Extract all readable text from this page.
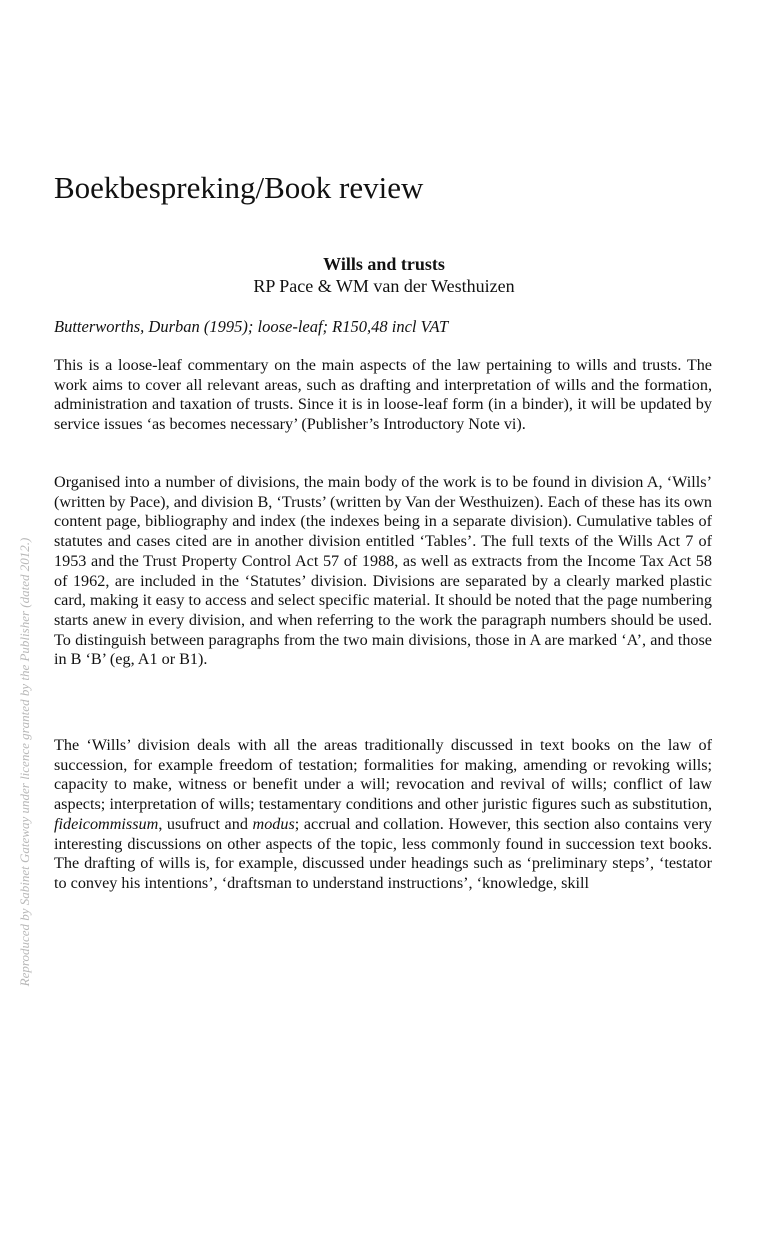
Reproduced by Sabinet Gateway under licence granted by the Publisher (dated 2012.)
Boekbespreking/Book review
Wills and trusts
RP Pace & WM van der Westhuizen

Butterworths, Durban (1995); loose-leaf; R150,48 incl VAT

This is a loose-leaf commentary on the main aspects of the law pertaining to wills and trusts. The work aims to cover all relevant areas, such as drafting and interpretation of wills and the formation, administration and taxation of trusts. Since it is in loose-leaf form (in a binder), it will be updated by service issues ‘as becomes necessary’ (Publisher’s Introductory Note vi).

Organised into a number of divisions, the main body of the work is to be found in division A, ‘Wills’ (written by Pace), and division B, ‘Trusts’ (written by Van der Westhuizen). Each of these has its own content page, bibliography and index (the indexes being in a separate division). Cumulative tables of statutes and cases cited are in another division entitled ‘Tables’. The full texts of the Wills Act 7 of 1953 and the Trust Property Control Act 57 of 1988, as well as extracts from the Income Tax Act 58 of 1962, are included in the ‘Statutes’ division. Divisions are separated by a clearly marked plastic card, making it easy to access and select specific material. It should be noted that the page numbering starts anew in every division, and when referring to the work the paragraph numbers should be used. To distinguish between paragraphs from the two main divisions, those in A are marked ‘A’, and those in B ‘B’ (eg, A1 or B1).

The ‘Wills’ division deals with all the areas traditionally discussed in text books on the law of succession, for example freedom of testation; formalities for making, amending or revoking wills; capacity to make, witness or benefit under a will; revocation and revival of wills; conflict of law aspects; interpretation of wills; testamentary conditions and other juristic figures such as substitution, fideicommissum, usufruct and modus; accrual and collation. However, this section also contains very interesting discussions on other aspects of the topic, less commonly found in succession text books. The drafting of wills is, for example, discussed under headings such as ‘preliminary steps’, ‘testator to convey his intentions’, ‘draftsman to understand instructions’, ‘knowledge, skill
